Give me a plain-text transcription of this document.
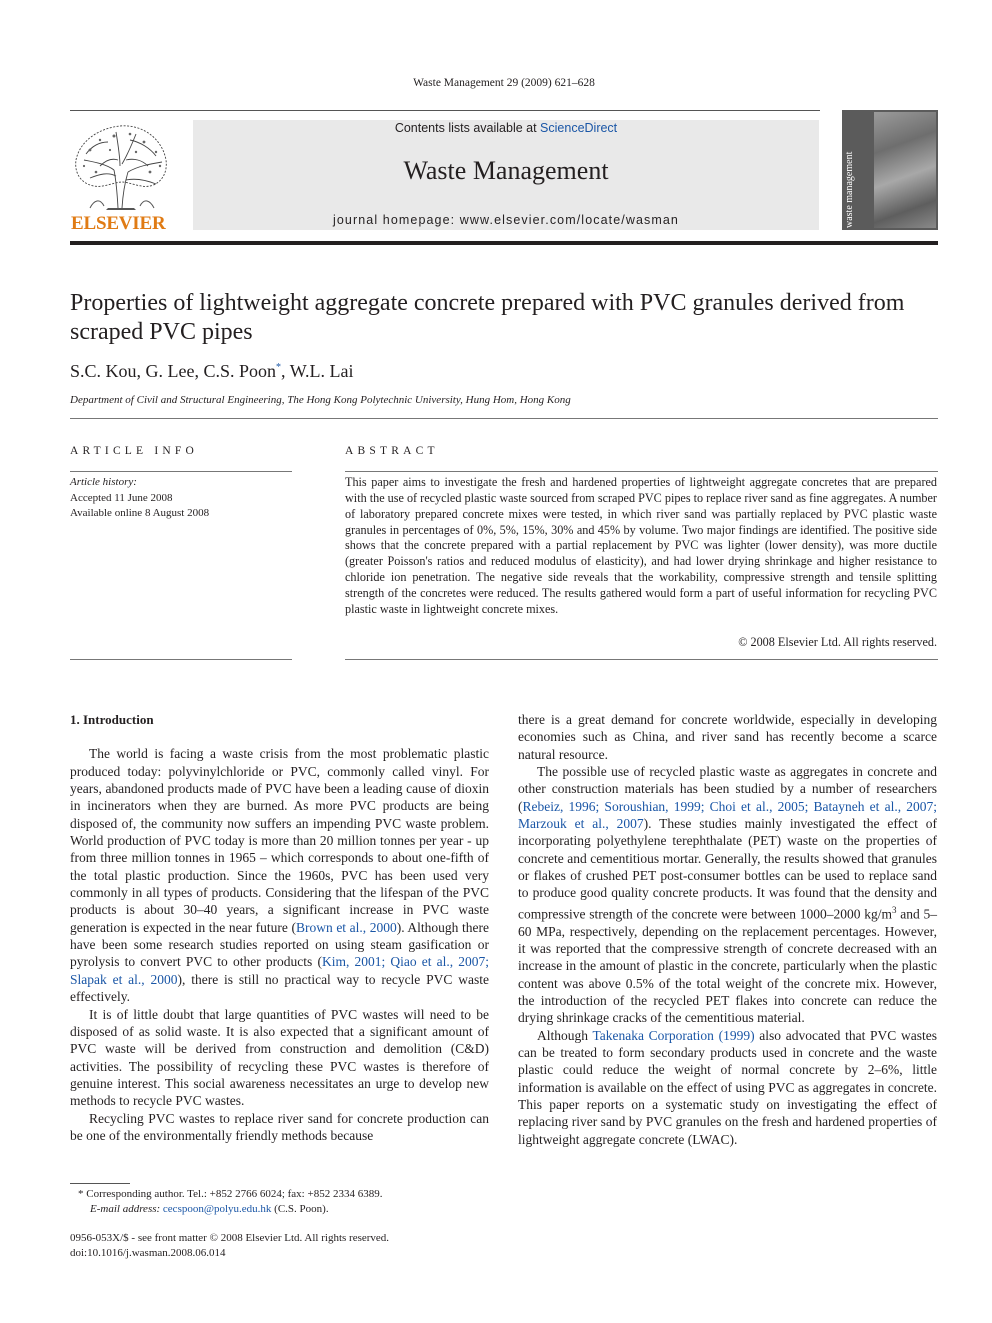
Waste Management 29 (2009) 621–628
ELSEVIER
Contents lists available at ScienceDirect
Waste Management
journal homepage: www.elsevier.com/locate/wasman	waste management
Properties of lightweight aggregate concrete prepared with PVC granules derived from scraped PVC pipes
S.C. Kou, G. Lee, C.S. Poon*, W.L. Lai
Department of Civil and Structural Engineering, The Hong Kong Polytechnic University, Hung Hom, Hong Kong
ARTICLE INFO
Article history:
Accepted 11 June 2008
Available online 8 August 2008
ABSTRACT

This paper aims to investigate the fresh and hardened properties of lightweight aggregate concretes that are prepared with the use of recycled plastic waste sourced from scraped PVC pipes to replace river sand as fine aggregates. A number of laboratory prepared concrete mixes were tested, in which river sand was partially replaced by PVC plastic waste granules in percentages of 0%, 5%, 15%, 30% and 45% by volume. Two major findings are identified. The positive side shows that the concrete prepared with a partial replacement by PVC was lighter (lower density), was more ductile (greater Poisson's ratios and reduced modulus of elasticity), and had lower drying shrinkage and higher resistance to chloride ion penetration. The negative side reveals that the workability, compressive strength and tensile splitting strength of the concretes were reduced. The results gathered would form a part of useful information for recycling PVC plastic waste in lightweight concrete mixes.

© 2008 Elsevier Ltd. All rights reserved.
1. Introduction

The world is facing a waste crisis from the most problematic plastic produced today: polyvinylchloride or PVC, commonly called vinyl. For years, abandoned products made of PVC have been a leading cause of dioxin in incinerators when they are burned. As more PVC products are being disposed of, the community now suffers an impending PVC waste problem. World production of PVC today is more than 20 million tonnes per year - up from three million tonnes in 1965 – which corresponds to about one-fifth of the total plastic production. Since the 1960s, PVC has been used very commonly in all types of products. Considering that the lifespan of the PVC products is about 30–40 years, a significant increase in PVC waste generation is expected in the near future (Brown et al., 2000). Although there have been some research studies reported on using steam gasification or pyrolysis to convert PVC to other products (Kim, 2001; Qiao et al., 2007; Slapak et al., 2000), there is still no practical way to recycle PVC waste effectively.

It is of little doubt that large quantities of PVC wastes will need to be disposed of as solid waste. It is also expected that a significant amount of PVC waste will be derived from construction and demolition (C&D) activities. The possibility of recycling these PVC wastes is therefore of genuine interest. This social awareness necessitates an urge to develop new methods to recycle PVC wastes.

Recycling PVC wastes to replace river sand for concrete production can be one of the environmentally friendly methods because

there is a great demand for concrete worldwide, especially in developing economies such as China, and river sand has recently become a scarce natural resource.

The possible use of recycled plastic waste as aggregates in concrete and other construction materials has been studied by a number of researchers (Rebeiz, 1996; Soroushian, 1999; Choi et al., 2005; Batayneh et al., 2007; Marzouk et al., 2007). These studies mainly investigated the effect of incorporating polyethylene terephthalate (PET) waste on the properties of concrete and cementitious mortar. Generally, the results showed that granules or flakes of crushed PET post-consumer bottles can be used to replace sand to produce good quality concrete products. It was found that the density and compressive strength of the concrete were between 1000–2000 $kg/m^3$ and 5–60 MPa, respectively, depending on the replacement percentages. However, it was reported that the compressive strength of concrete decreased with an increase in the amount of plastic in the concrete, particularly when the plastic content was above 0.5% of the total weight of the concrete mix. However, the introduction of the recycled PET flakes into concrete can reduce the drying shrinkage cracks of the cementitious material.

Although Takenaka Corporation (1999) also advocated that PVC wastes can be treated to form secondary products used in concrete and the waste plastic could reduce the weight of normal concrete by 2–6%, little information is available on the effect of using PVC as aggregates in concrete. This paper reports on a systematic study on investigating the effect of replacing river sand by PVC granules on the fresh and hardened properties of lightweight aggregate concrete (LWAC).

* Corresponding author. Tel.: +852 2766 6024; fax: +852 2334 6389.
E-mail address: cecspoon@polyu.edu.hk (C.S. Poon).
0956-053X/$ - see front matter © 2008 Elsevier Ltd. All rights reserved.
doi:10.1016/j.wasman.2008.06.014
